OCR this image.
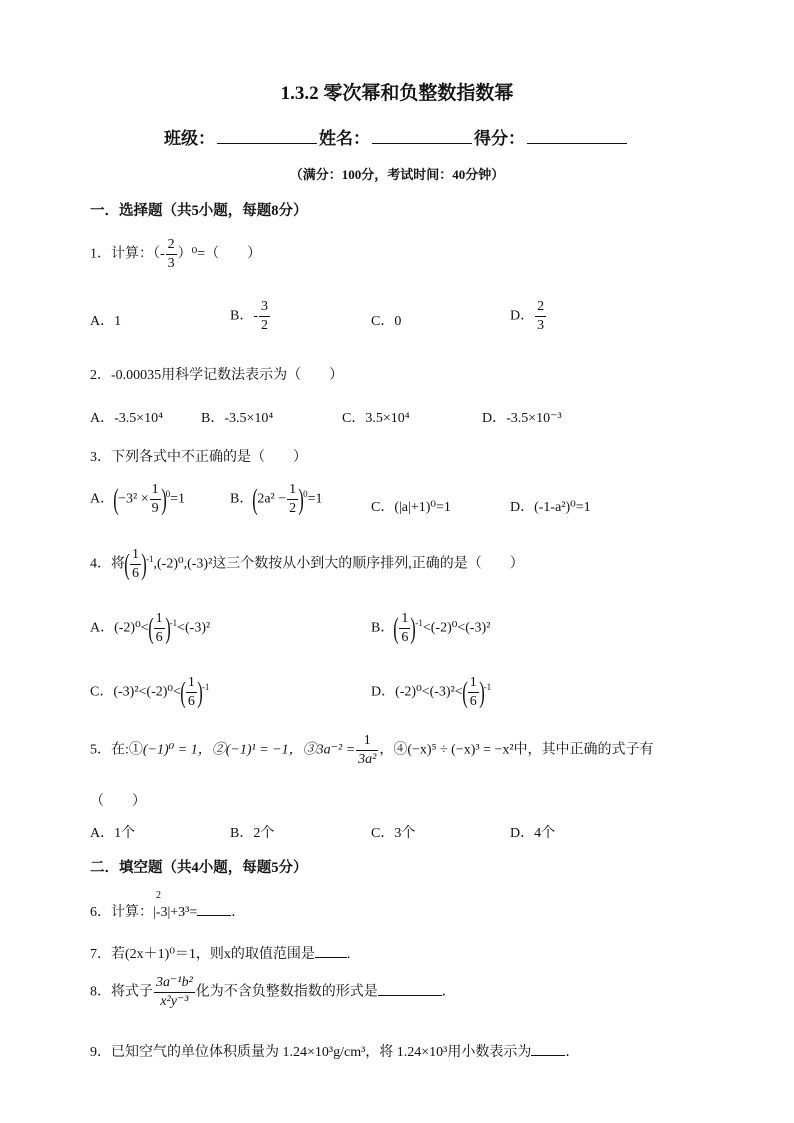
1.3.2 零次幂和负整数指数幂
班级：	姓名：	得分：
（满分：100分，考试时间：40分钟）
一．选择题（共5小题，每题8分）
1．计算：（- $\frac{2}{3} )^0=$（　　）
A．1	B．- $\frac{3}{2}$	C．0	D． $\frac{2}{3}$
2．-0.00035用科学记数法表示为（　　）
A．-3.5×10⁴	B．-3.5×10⁴	C．3.5×10⁴	D．-3.5×10⁻³
3．下列各式中不正确的是（　　）
A．$(-3^2 \times \frac{1}{9} )^0=1$	B．$(2a^2 - \frac{1}{2} )^0=1$
C．(|a|+1)⁰=1	D．(-1-a²)⁰=1
4．将( $\frac{1}{6} )^{-1},(-2)^0,(-3)^2$这三个数按从小到大的顺序排列,正确的是（　　）
A．$(-2)^0<( \frac{1}{6} )^{-1}<(-3)^2$	B．( $\frac{1}{6} )^{-1}<(-2)^0<(-3)^2$
C．$(-3)^2<(-2)^0<( \frac{1}{6} )^{-1}$	D．$(-2)^0<(-3)^2<( \frac{1}{6} )^{-1}$
5．在:①(−1)⁰ = 1，②(−1)¹ = −1，③3a⁻² = $\frac{1}{\text{3a²}}$ ，④(−x)⁵ ÷ (−x)³ = −x²中，其中正确的式子有
（　　）
A．1个	B．2个	C．3个	D．4个
二．填空题（共4小题，每题5分）
6．计算：
2
|-3|+3³= ．
7．若(2x＋1)⁰＝1，则x的取值范围是 .
8．将式子 $\frac{\text{3a⁻¹b²}}{\text{x²y⁻³}}$ 化为不含负整数指数的形式是	．
9．已知空气的单位体积质量为 1.24×10³g/cm³，将 1.24×10³用小数表示为 ．
